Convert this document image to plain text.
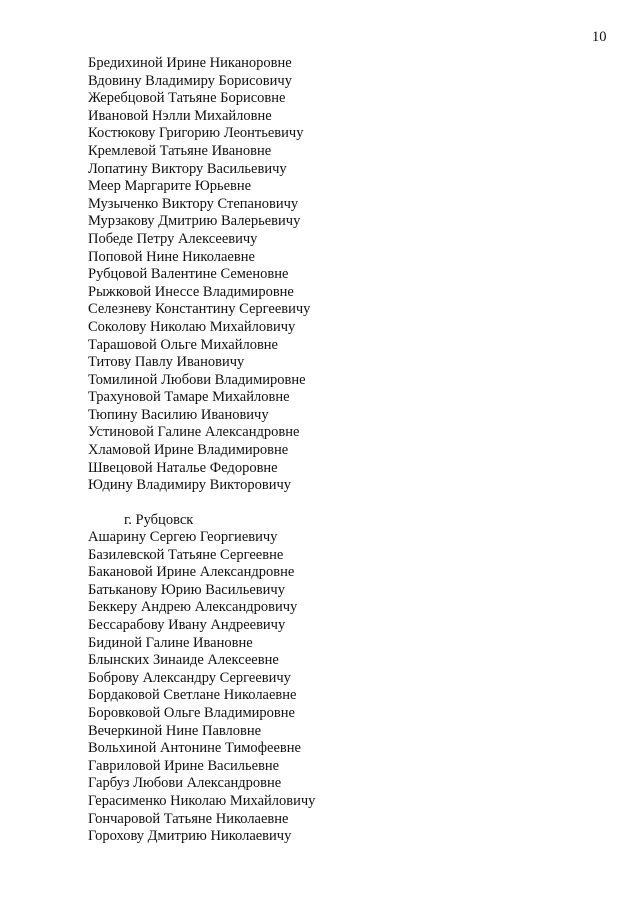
10
Бредихиной Ирине Никаноровне
Вдовину Владимиру Борисовичу
Жеребцовой Татьяне Борисовне
Ивановой Нэлли Михайловне
Костюкову Григорию Леонтьевичу
Кремлевой Татьяне Ивановне
Лопатину Виктору Васильевичу
Меер Маргарите Юрьевне
Музыченко Виктору Степановичу
Мурзакову Дмитрию Валерьевичу
Победе Петру Алексеевичу
Поповой Нине Николаевне
Рубцовой Валентине Семеновне
Рыжковой Инессе Владимировне
Селезневу Константину Сергеевичу
Соколову Николаю Михайловичу
Тарашовой Ольге Михайловне
Титову Павлу Ивановичу
Томилиной Любови Владимировне
Трахуновой Тамаре Михайловне
Тюпину Василию Ивановичу
Устиновой Галине Александровне
Хламовой Ирине Владимировне
Швецовой Наталье Федоровне
Юдину Владимиру Викторовичу
г. Рубцовск
Ашарину Сергею Георгиевичу
Базилевской Татьяне Сергеевне
Бакановой Ирине Александровне
Батьканову Юрию Васильевичу
Беккеру Андрею Александровичу
Бессарабову Ивану Андреевичу
Бидиной Галине Ивановне
Блынских Зинаиде Алексеевне
Боброву Александру Сергеевичу
Бордаковой Светлане Николаевне
Боровковой Ольге Владимировне
Вечеркиной Нине Павловне
Вольхиной Антонине Тимофеевне
Гавриловой Ирине Васильевне
Гарбуз Любови Александровне
Герасименко Николаю Михайловичу
Гончаровой Татьяне Николаевне
Горохову Дмитрию Николаевичу
